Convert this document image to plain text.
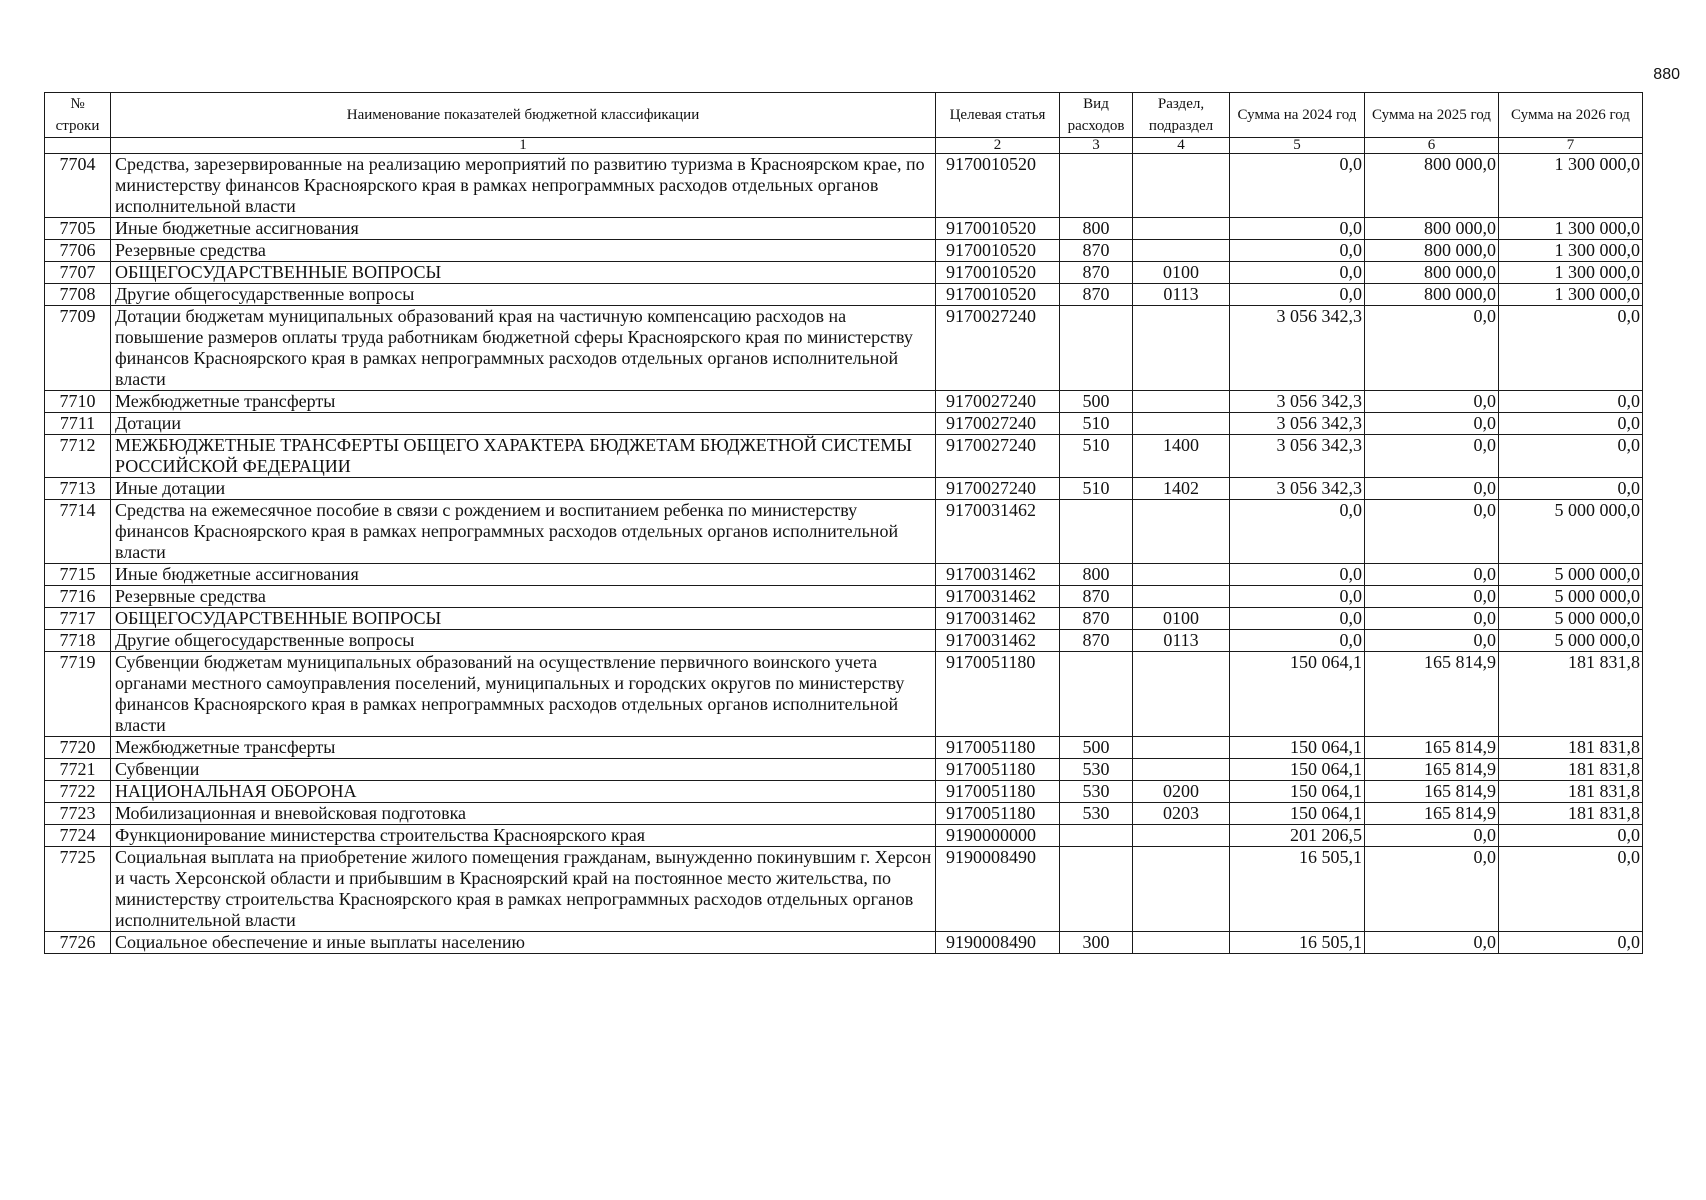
880
№ строки	Наименование показателей бюджетной классификации	Целевая статья	Вид расходов	Раздел, подраздел	Сумма на 2024 год	Сумма на 2025 год	Сумма на 2026 год

	1	2	3	4	5	6	7
7704	Средства, зарезервированные на реализацию мероприятий по развитию туризма в Красноярском крае, по министерству финансов Красноярского края в рамках непрограммных расходов отдельных органов исполнительной власти	9170010520			0,0	800 000,0	1 300 000,0
7705	Иные бюджетные ассигнования	9170010520	800		0,0	800 000,0	1 300 000,0
7706	Резервные средства	9170010520	870		0,0	800 000,0	1 300 000,0
7707	ОБЩЕГОСУДАРСТВЕННЫЕ ВОПРОСЫ	9170010520	870	0100	0,0	800 000,0	1 300 000,0
7708	Другие общегосударственные вопросы	9170010520	870	0113	0,0	800 000,0	1 300 000,0
7709	Дотации бюджетам муниципальных образований края на частичную компенсацию расходов на повышение размеров оплаты труда работникам бюджетной сферы Красноярского края по министерству финансов Красноярского края в рамках непрограммных расходов отдельных органов исполнительной власти	9170027240			3 056 342,3	0,0	0,0
7710	Межбюджетные трансферты	9170027240	500		3 056 342,3	0,0	0,0
7711	Дотации	9170027240	510		3 056 342,3	0,0	0,0
7712	МЕЖБЮДЖЕТНЫЕ ТРАНСФЕРТЫ ОБЩЕГО ХАРАКТЕРА БЮДЖЕТАМ БЮДЖЕТНОЙ СИСТЕМЫ РОССИЙСКОЙ ФЕДЕРАЦИИ	9170027240	510	1400	3 056 342,3	0,0	0,0
7713	Иные дотации	9170027240	510	1402	3 056 342,3	0,0	0,0
7714	Средства на ежемесячное пособие в связи с рождением и воспитанием ребенка по министерству финансов Красноярского края в рамках непрограммных расходов отдельных органов исполнительной власти	9170031462			0,0	0,0	5 000 000,0
7715	Иные бюджетные ассигнования	9170031462	800		0,0	0,0	5 000 000,0
7716	Резервные средства	9170031462	870		0,0	0,0	5 000 000,0
7717	ОБЩЕГОСУДАРСТВЕННЫЕ ВОПРОСЫ	9170031462	870	0100	0,0	0,0	5 000 000,0
7718	Другие общегосударственные вопросы	9170031462	870	0113	0,0	0,0	5 000 000,0
7719	Субвенции бюджетам муниципальных образований на осуществление первичного воинского учета органами местного самоуправления поселений, муниципальных и городских округов по министерству финансов Красноярского края в рамках непрограммных расходов отдельных органов исполнительной власти	9170051180			150 064,1	165 814,9	181 831,8
7720	Межбюджетные трансферты	9170051180	500		150 064,1	165 814,9	181 831,8
7721	Субвенции	9170051180	530		150 064,1	165 814,9	181 831,8
7722	НАЦИОНАЛЬНАЯ ОБОРОНА	9170051180	530	0200	150 064,1	165 814,9	181 831,8
7723	Мобилизационная и вневойсковая подготовка	9170051180	530	0203	150 064,1	165 814,9	181 831,8
7724	Функционирование министерства строительства Красноярского края	9190000000			201 206,5	0,0	0,0
7725	Социальная выплата на приобретение жилого помещения гражданам, вынужденно покинувшим г. Херсон и часть Херсонской области и прибывшим в Красноярский край на постоянное место жительства, по министерству строительства Красноярского края в рамках непрограммных расходов отдельных органов исполнительной власти	9190008490			16 505,1	0,0	0,0
7726	Социальное обеспечение и иные выплаты населению	9190008490	300		16 505,1	0,0	0,0
